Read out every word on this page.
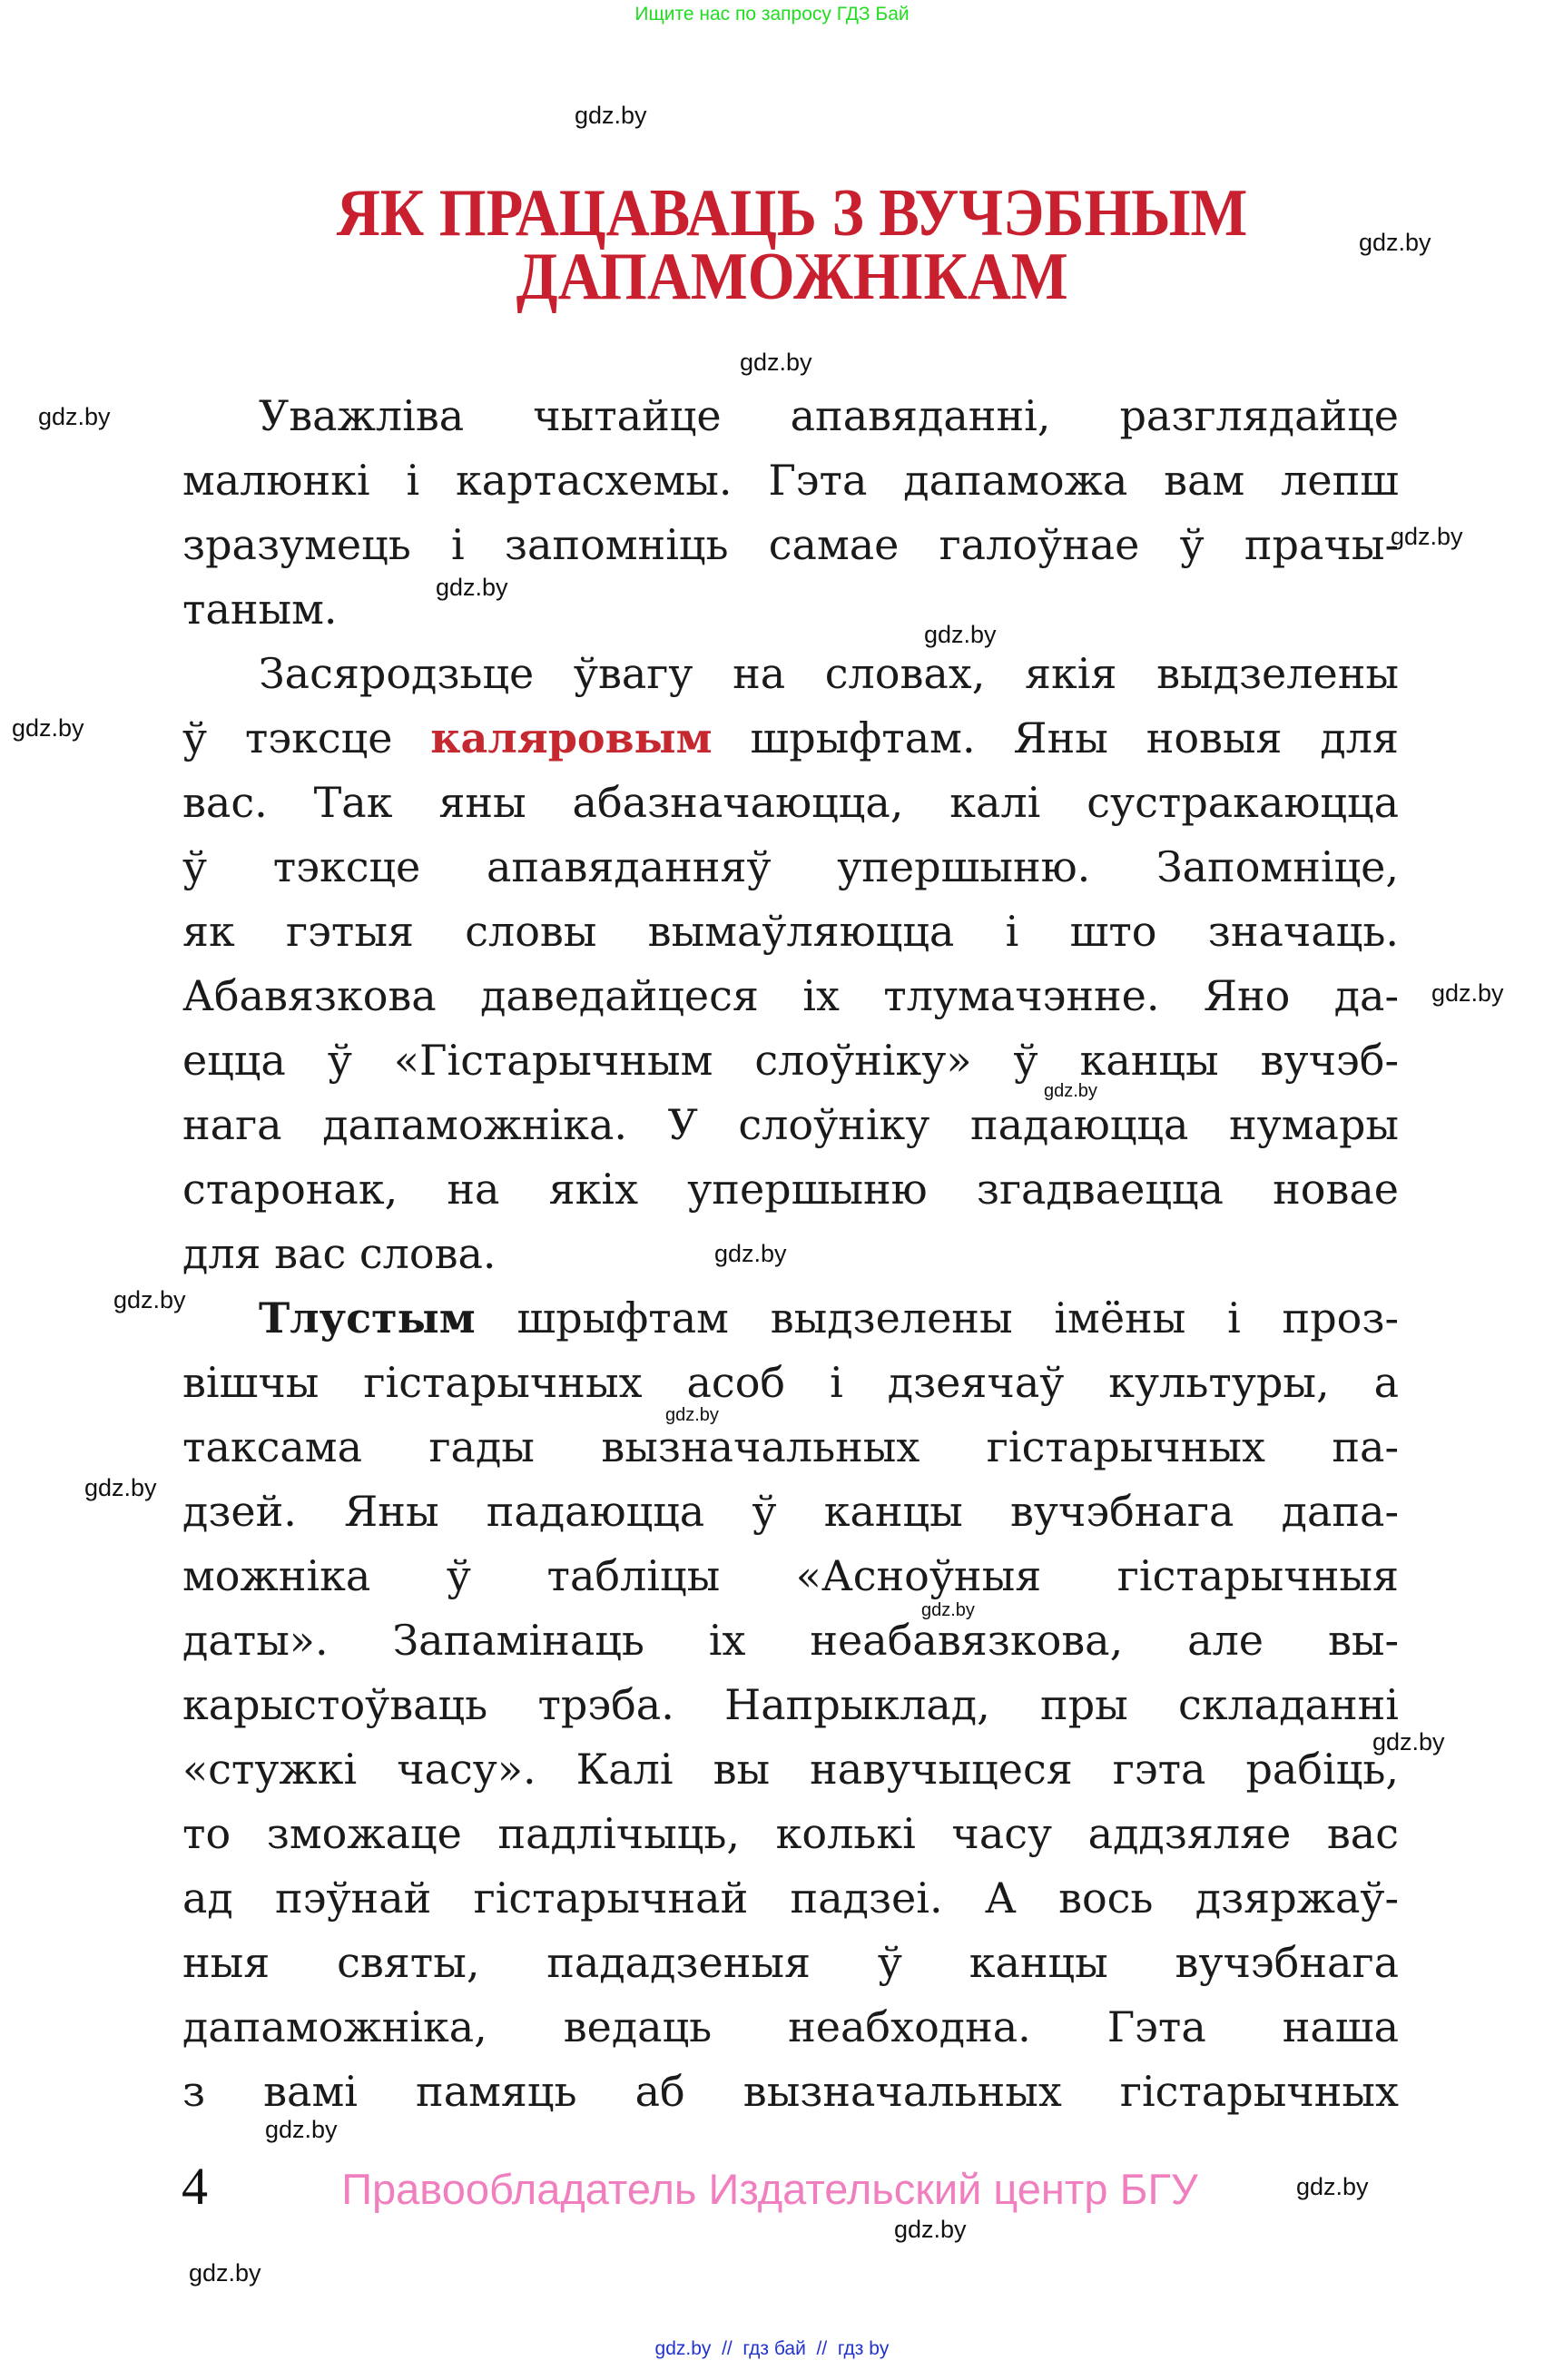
Ищите нас по запросу ГДЗ Бай
ЯК ПРАЦАВАЦЬ З ВУЧЭБНЫМ
ДАПАМОЖНІКАМ
Уважліва чытайце апавяданні, разглядайце
малюнкі і картасхемы. Гэта дапаможа вам лепш
зразумець і запомніць самае галоўнае ў прачы-
таным.
Засяродзьце ўвагу на словах, якія выдзелены
ў тэксце каляровым шрыфтам. Яны новыя для
вас. Так яны абазначаюцца, калі сустракаюцца
ў тэксце апавяданняў упершыню. Запомніце,
як гэтыя словы вымаўляюцца і што значаць.
Абавязкова даведайцеся іх тлумачэнне. Яно да-
ецца ў «Гістарычным слоўніку» ў канцы вучэб-
нага дапаможніка. У слоўніку падаюцца нумары
старонак, на якіх упершыню згадваецца новае
для вас слова.
Тлустым шрыфтам выдзелены імёны і проз-
вішчы гістарычных асоб і дзеячаў культуры, а
таксама гады вызначальных гістарычных па-
дзей. Яны падаюцца ў канцы вучэбнага дапа-
можніка ў табліцы «Асноўныя гістарычныя
даты». Запамінаць іх неабавязкова, але вы-
карыстоўваць трэба. Напрыклад, пры складанні
«стужкі часу». Калі вы навучыцеся гэта рабіць,
то зможаце падлічыць, колькі часу аддзяляе вас
ад пэўнай гістарычнай падзеі. А вось дзяржаў-
ныя святы, пададзеныя ў канцы вучэбнага
дапаможніка, ведаць неабходна. Гэта наша
з вамі памяць аб вызначальных гістарычных
gdz.by
gdz.by
gdz.by
gdz.by
gdz.by
gdz.by
gdz.by
gdz.by
gdz.by
gdz.by
gdz.by
gdz.by
gdz.by
gdz.by
gdz.by
gdz.by
gdz.by
gdz.by
gdz.by
gdz.by
4	Правообладатель Издательский центр БГУ
gdz.by  //  гдз бай  //  гдз by
